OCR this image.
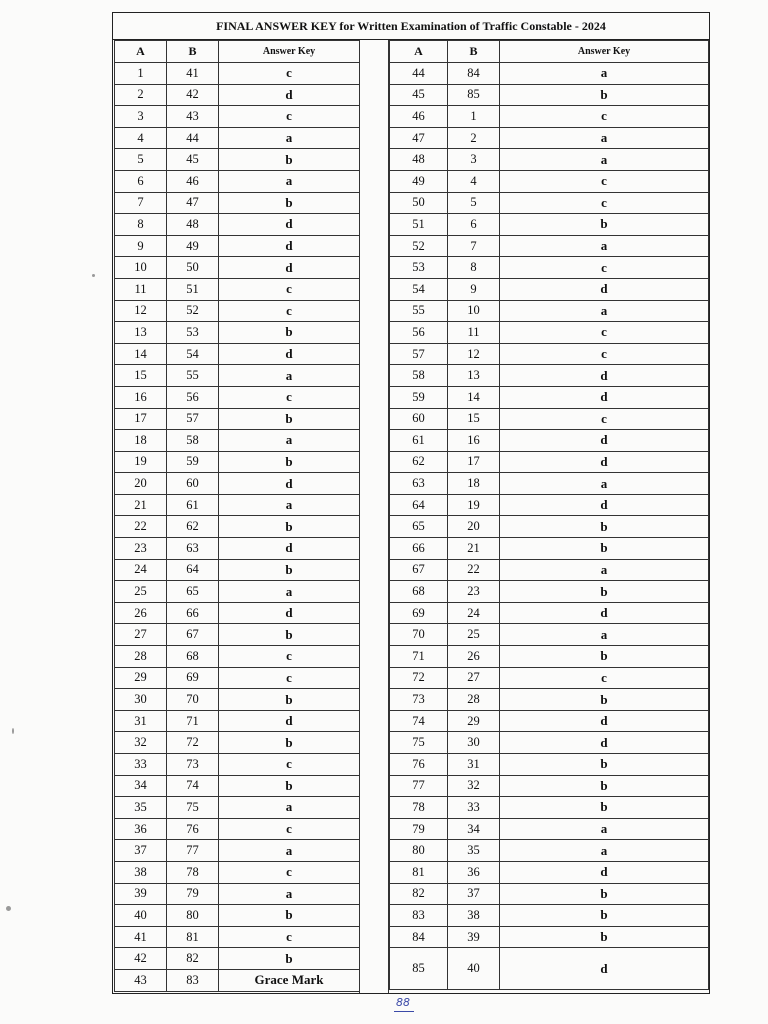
FINAL ANSWER KEY for Written Examination of Traffic Constable - 2024
A	B	Answer Key
1	41	c
2	42	d
3	43	c
4	44	a
5	45	b
6	46	a
7	47	b
8	48	d
9	49	d
10	50	d
11	51	c
12	52	c
13	53	b
14	54	d
15	55	a
16	56	c
17	57	b
18	58	a
19	59	b
20	60	d
21	61	a
22	62	b
23	63	d
24	64	b
25	65	a
26	66	d
27	67	b
28	68	c
29	69	c
30	70	b
31	71	d
32	72	b
33	73	c
34	74	b
35	75	a
36	76	c
37	77	a
38	78	c
39	79	a
40	80	b
41	81	c
42	82	b
43	83	Grace Mark
A	B	Answer Key
44	84	a
45	85	b
46	1	c
47	2	a
48	3	a
49	4	c
50	5	c
51	6	b
52	7	a
53	8	c
54	9	d
55	10	a
56	11	c
57	12	c
58	13	d
59	14	d
60	15	c
61	16	d
62	17	d
63	18	a
64	19	d
65	20	b
66	21	b
67	22	a
68	23	b
69	24	d
70	25	a
71	26	b
72	27	c
73	28	b
74	29	d
75	30	d
76	31	b
77	32	b
78	33	b
79	34	a
80	35	a
81	36	d
82	37	b
83	38	b
84	39	b
85	40	d
88
